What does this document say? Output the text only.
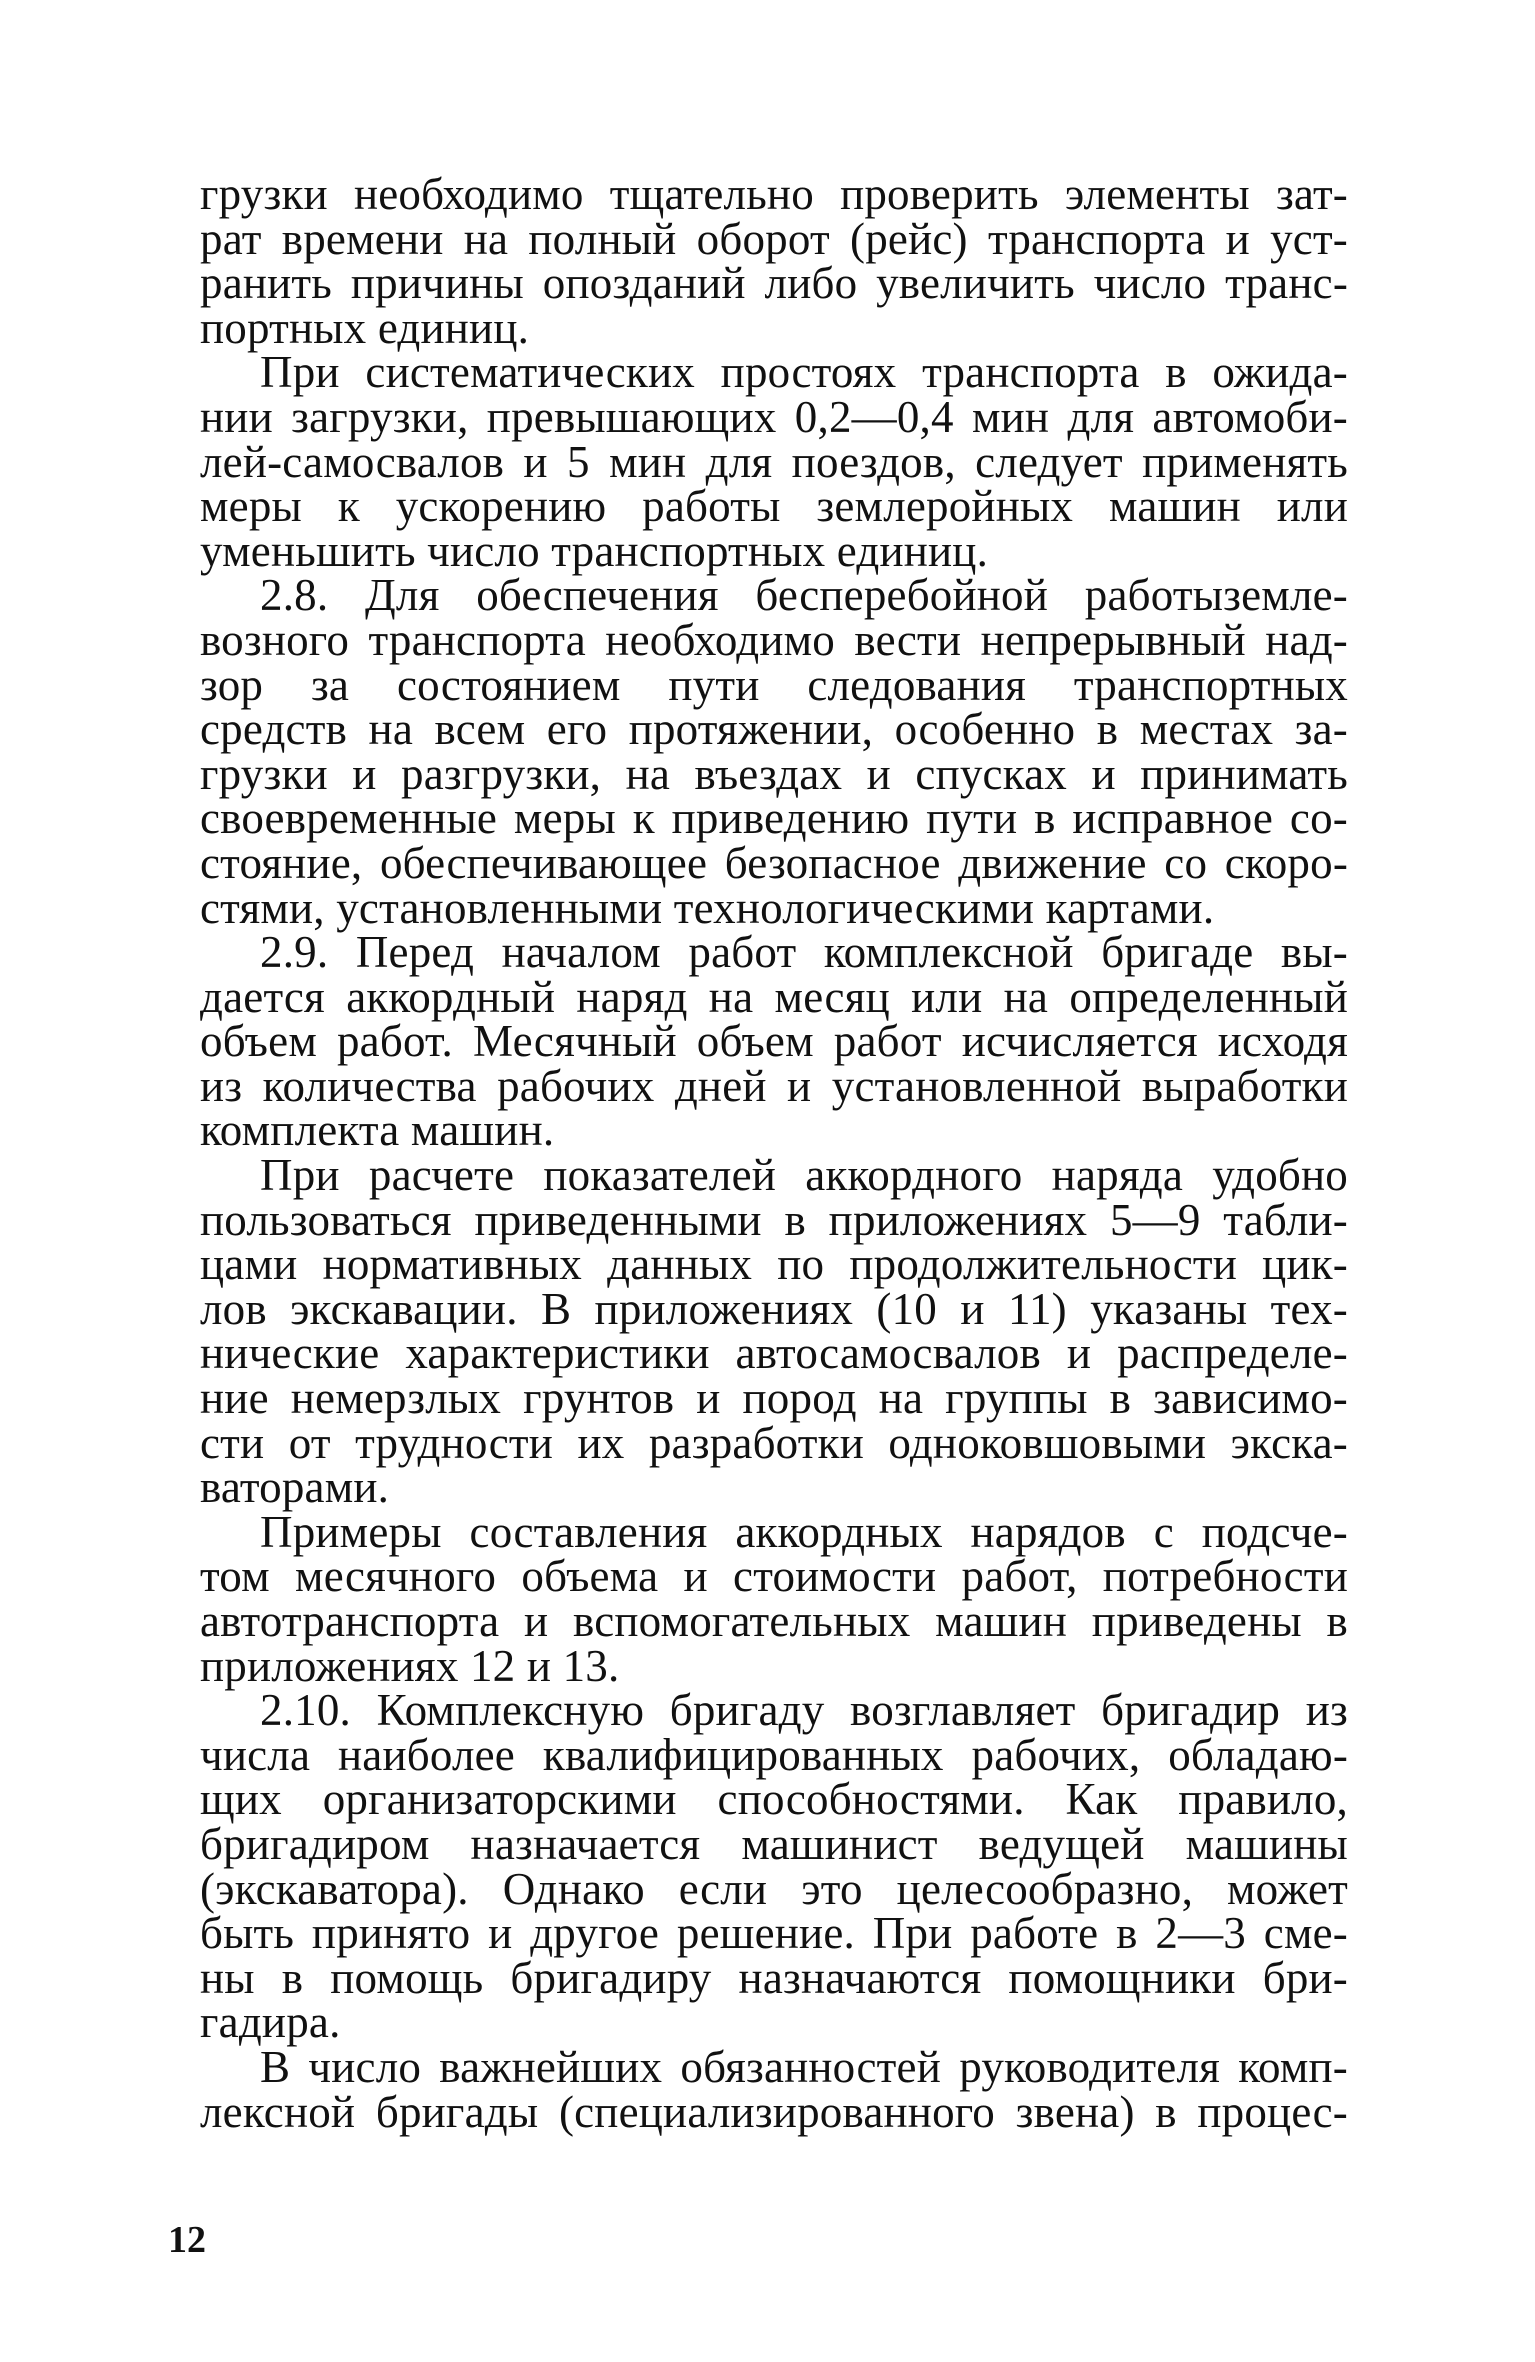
грузки необходимо тщательно проверить элементы зат-
рат времени на полный оборот (рейс) транспорта и уст-
ранить причины опозданий либо увеличить число транс-
портных единиц.
При систематических простоях транспорта в ожида-
нии загрузки, превышающих 0,2—0,4 мин для автомоби-
лей-самосвалов и 5 мин для поездов, следует применять
меры к ускорению работы землеройных машин или
уменьшить число транспортных единиц.
2.8. Для обеспечения бесперебойной работыземле-
возного транспорта необходимо вести непрерывный над-
зор за состоянием пути следования транспортных
средств на всем его протяжении, особенно в местах за-
грузки и разгрузки, на въездах и спусках и принимать
своевременные меры к приведению пути в исправное со-
стояние, обеспечивающее безопасное движение со скоро-
стями, установленными технологическими картами.
2.9. Перед началом работ комплексной бригаде вы-
дается аккордный наряд на месяц или на определенный
объем работ. Месячный объем работ исчисляется исходя
из количества рабочих дней и установленной выработки
комплекта машин.
При расчете показателей аккордного наряда удобно
пользоваться приведенными в приложениях 5—9 табли-
цами нормативных данных по продолжительности цик-
лов экскавации. В приложениях (10 и 11) указаны тех-
нические характеристики автосамосвалов и распределе-
ние немерзлых грунтов и пород на группы в зависимо-
сти от трудности их разработки одноковшовыми экска-
ваторами.
Примеры составления аккордных нарядов с подсче-
том месячного объема и стоимости работ, потребности
автотранспорта и вспомогательных машин приведены в
приложениях 12 и 13.
2.10. Комплексную бригаду возглавляет бригадир из
числа наиболее квалифицированных рабочих, обладаю-
щих организаторскими способностями. Как правило,
бригадиром назначается машинист ведущей машины
(экскаватора). Однако если это целесообразно, может
быть принято и другое решение. При работе в 2—3 сме-
ны в помощь бригадиру назначаются помощники бри-
гадира.
В число важнейших обязанностей руководителя комп-
лексной бригады (специализированного звена) в процес-
12
